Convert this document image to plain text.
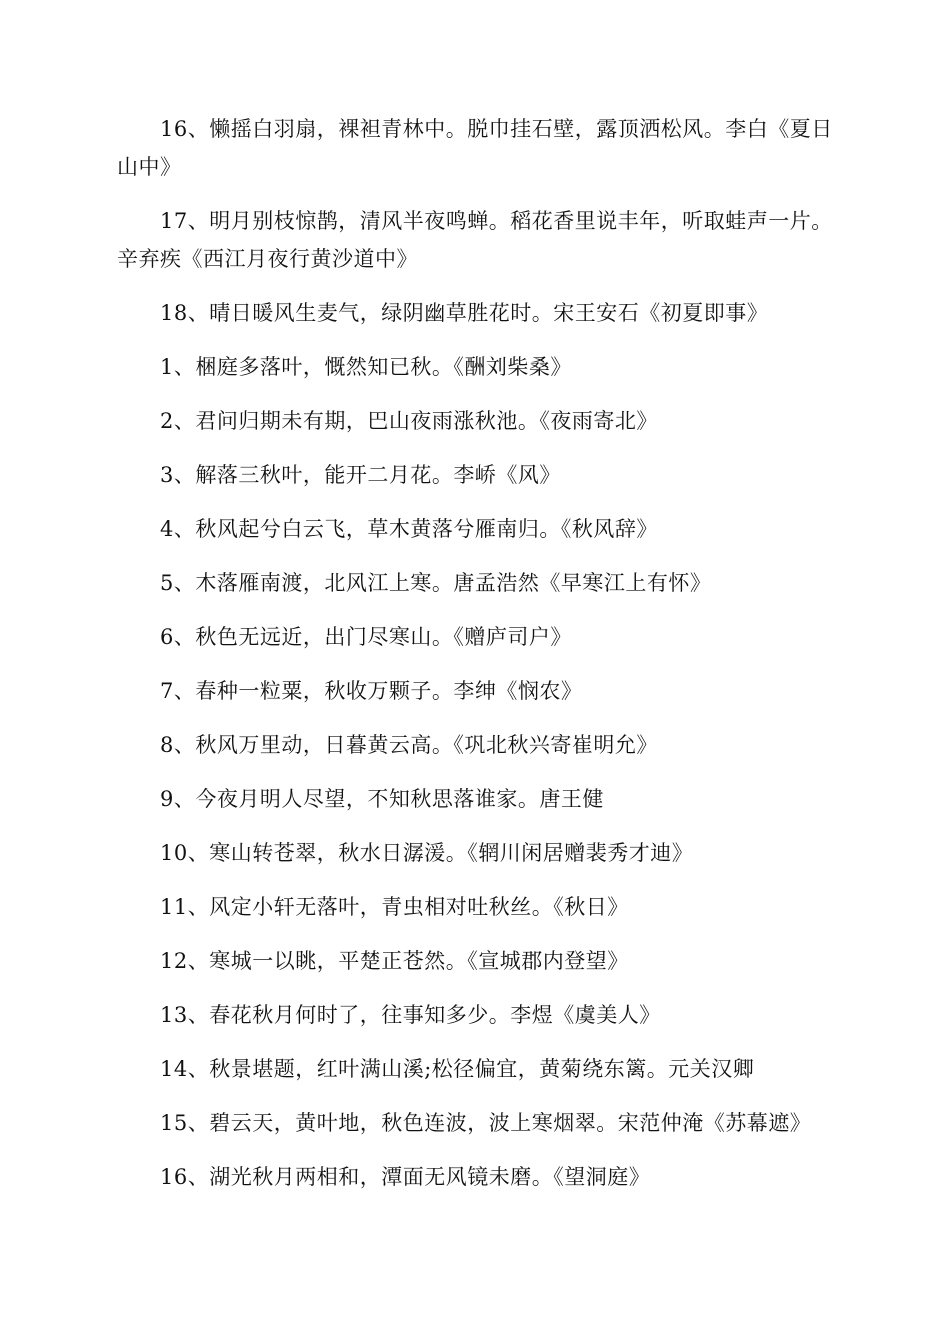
16、懒摇白羽扇，裸袒青林中。脱巾挂石壁，露顶洒松风。李白《夏日山中》

17、明月别枝惊鹊，清风半夜鸣蝉。稻花香里说丰年，听取蛙声一片。辛弃疾《西江月夜行黄沙道中》

18、晴日暖风生麦气，绿阴幽草胜花时。宋王安石《初夏即事》

1、梱庭多落叶，慨然知已秋。《酬刘柴桑》

2、君问归期未有期，巴山夜雨涨秋池。《夜雨寄北》

3、解落三秋叶，能开二月花。李峤《风》

4、秋风起兮白云飞，草木黄落兮雁南归。《秋风辞》

5、木落雁南渡，北风江上寒。唐孟浩然《早寒江上有怀》

6、秋色无远近，出门尽寒山。《赠庐司户》

7、春种一粒粟，秋收万颗子。李绅《悯农》

8、秋风万里动，日暮黄云高。《巩北秋兴寄崔明允》

9、今夜月明人尽望，不知秋思落谁家。唐王健

10、寒山转苍翠，秋水日潺湲。《辋川闲居赠裴秀才迪》

11、风定小轩无落叶，青虫相对吐秋丝。《秋日》

12、寒城一以眺，平楚正苍然。《宣城郡内登望》

13、春花秋月何时了，往事知多少。李煜《虞美人》

14、秋景堪题，红叶满山溪;松径偏宜，黄菊绕东篱。元关汉卿

15、碧云天，黄叶地，秋色连波，波上寒烟翠。宋范仲淹《苏幕遮》

16、湖光秋月两相和，潭面无风镜未磨。《望洞庭》
